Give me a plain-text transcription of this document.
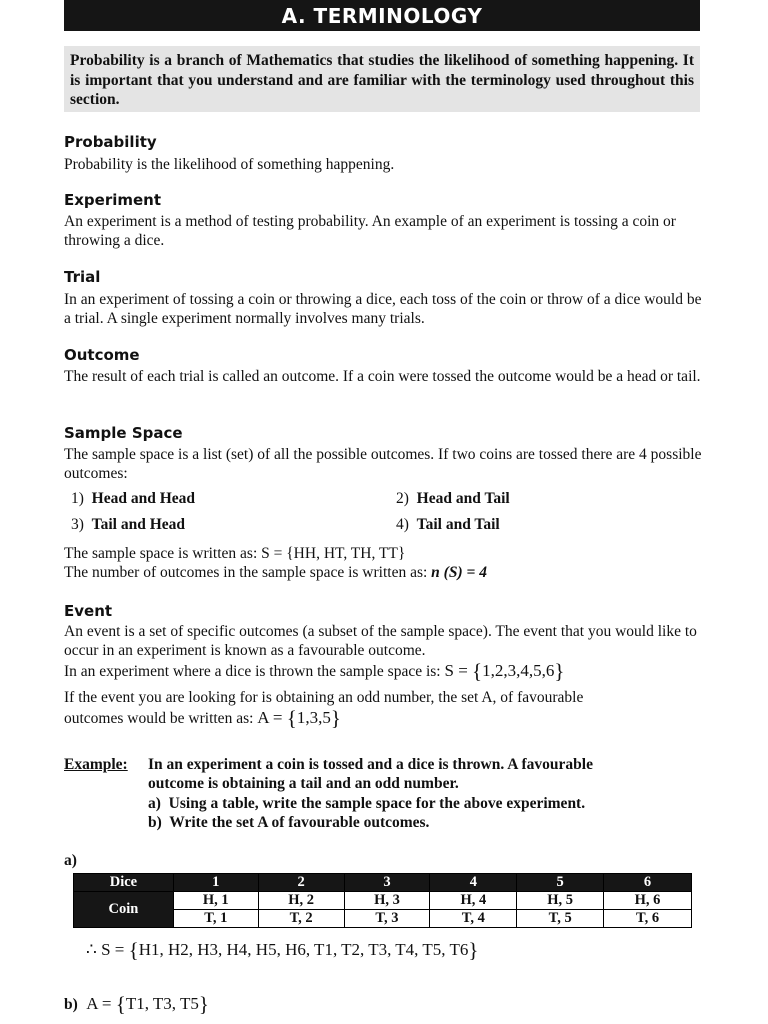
A. TERMINOLOGY
Probability is a branch of Mathematics that studies the likelihood of something happening. It is important that you understand and are familiar with the terminology used throughout this section.
Probability
Probability is the likelihood of something happening.
Experiment
An experiment is a method of testing probability. An example of an experiment is tossing a coin or throwing a dice.
Trial
In an experiment of tossing a coin or throwing a dice, each toss of the coin or throw of a dice would be a trial. A single experiment normally involves many trials.
Outcome
The result of each trial is called an outcome. If a coin were tossed the outcome would be a head or tail.
Sample Space
The sample space is a list (set) of all the possible outcomes. If two coins are tossed there are 4 possible outcomes:
1) Head and Head	2) Head and Tail
3) Tail and Head	4) Tail and Tail
The sample space is written as: S = {HH, HT, TH, TT}
The number of outcomes in the sample space is written as: n (S) = 4
Event
An event is a set of specific outcomes (a subset of the sample space). The event that you would like to occur in an experiment is known as a favourable outcome.
In an experiment where a dice is thrown the sample space is: S = {1,2,3,4,5,6}
If the event you are looking for is obtaining an odd number, the set A, of favourable
outcomes would be written as: A = {1,3,5}
Example: In an experiment a coin is tossed and a dice is thrown. A favourable
outcome is obtaining a tail and an odd number.
a) Using a table, write the sample space for the above experiment.
b) Write the set A of favourable outcomes.
a)
Dice	1	2	3	4	5	6
Coin	H, 1	H, 2	H, 3	H, 4	H, 5	H, 6
	T, 1	T, 2	T, 3	T, 4	T, 5	T, 6
∴ S = {H1, H2, H3, H4, H5, H6, T1, T2, T3, T4, T5, T6}
b) A = {T1, T3, T5}
